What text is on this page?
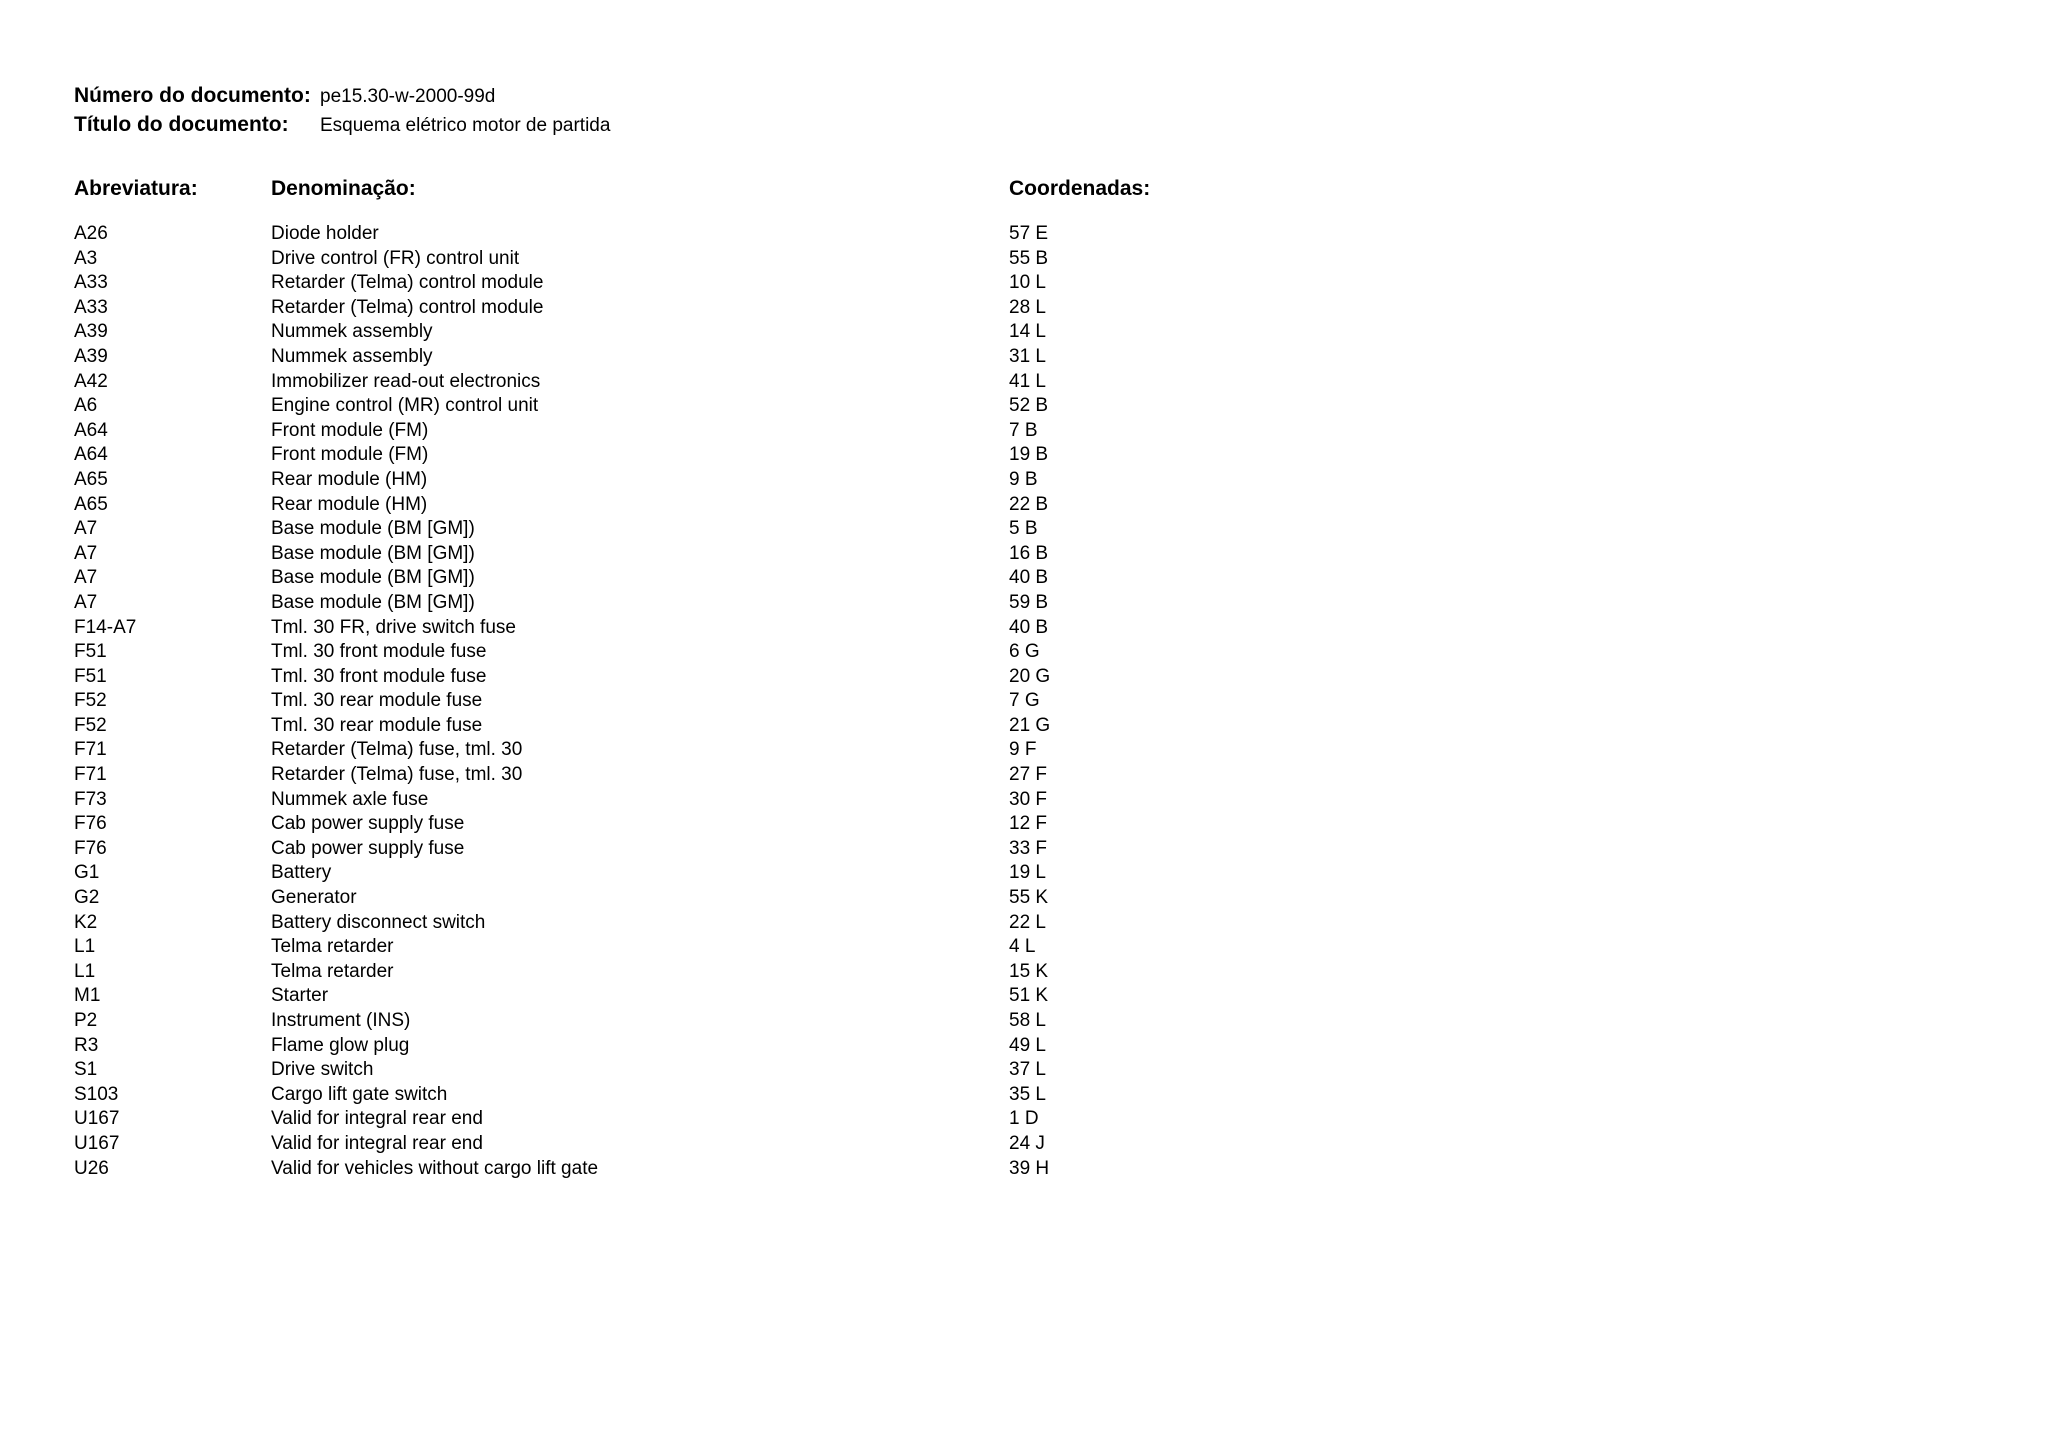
Número do documento: pe15.30-w-2000-99d
Título do documento: Esquema elétrico motor de partida
Abreviatura:	Denominação:	Coordenadas:
A26	Diode holder	57 E
A3	Drive control (FR) control unit	55 B
A33	Retarder (Telma) control module	10 L
A33	Retarder (Telma) control module	28 L
A39	Nummek assembly	14 L
A39	Nummek assembly	31 L
A42	Immobilizer read-out electronics	41 L
A6	Engine control (MR) control unit	52 B
A64	Front module (FM)	7 B
A64	Front module (FM)	19 B
A65	Rear module (HM)	9 B
A65	Rear module (HM)	22 B
A7	Base module (BM [GM])	5 B
A7	Base module (BM [GM])	16 B
A7	Base module (BM [GM])	40 B
A7	Base module (BM [GM])	59 B
F14-A7	Tml. 30 FR, drive switch fuse	40 B
F51	Tml. 30 front module fuse	6 G
F51	Tml. 30 front module fuse	20 G
F52	Tml. 30 rear module fuse	7 G
F52	Tml. 30 rear module fuse	21 G
F71	Retarder (Telma) fuse, tml. 30	9 F
F71	Retarder (Telma) fuse, tml. 30	27 F
F73	Nummek axle fuse	30 F
F76	Cab power supply fuse	12 F
F76	Cab power supply fuse	33 F
G1	Battery	19 L
G2	Generator	55 K
K2	Battery disconnect switch	22 L
L1	Telma retarder	4 L
L1	Telma retarder	15 K
M1	Starter	51 K
P2	Instrument (INS)	58 L
R3	Flame glow plug	49 L
S1	Drive switch	37 L
S103	Cargo lift gate switch	35 L
U167	Valid for integral rear end	1 D
U167	Valid for integral rear end	24 J
U26	Valid for vehicles without cargo lift gate	39 H
